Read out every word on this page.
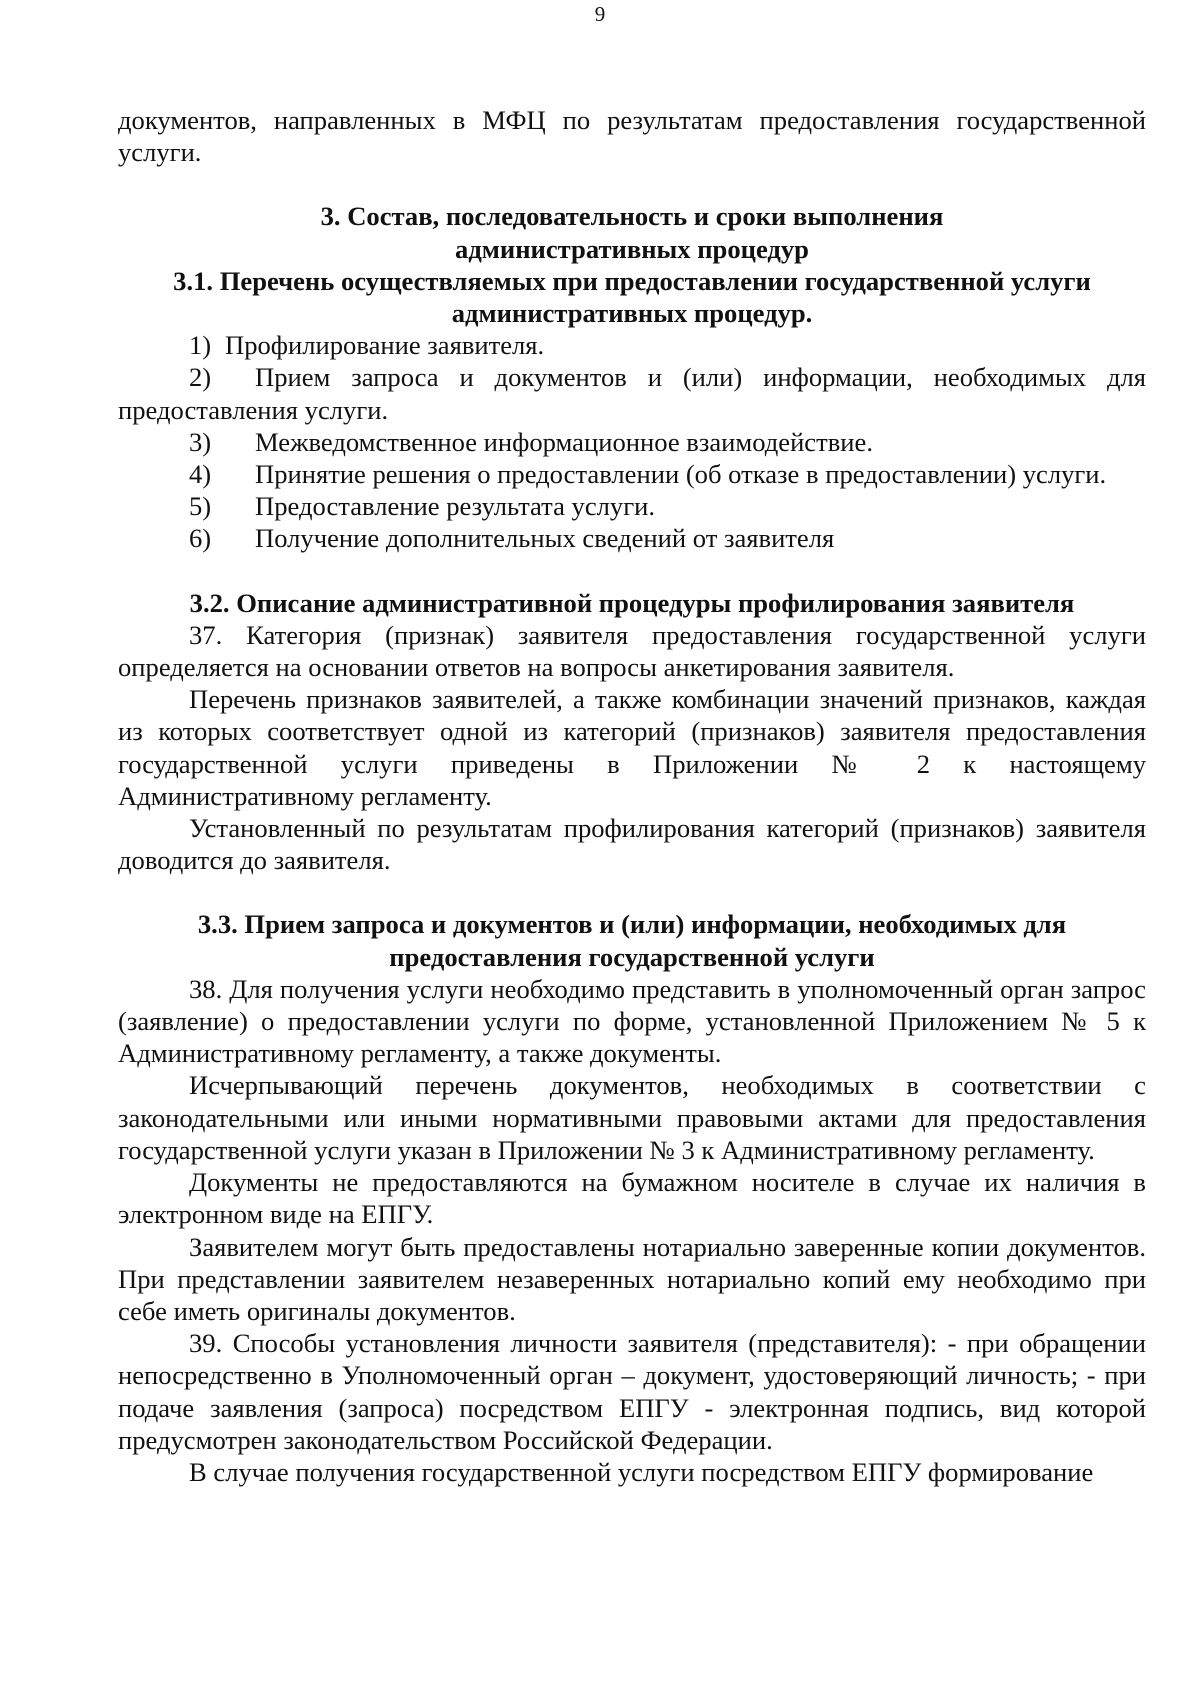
9

документов, направленных в МФЦ по результатам предоставления государственной услуги.

3. Состав, последовательность и сроки выполнения
административных процедур
3.1. Перечень осуществляемых при предоставлении государственной услуги
административных процедур.
1) Профилирование заявителя.
2) Прием запроса и документов и (или) информации, необходимых для предоставления услуги.
3)	Межведомственное информационное взаимодействие.
4)	Принятие решения о предоставлении (об отказе в предоставлении) услуги.
5)	Предоставление результата услуги.
6)	Получение дополнительных сведений от заявителя
3.2. Описание административной процедуры профилирования заявителя

37. Категория (признак) заявителя предоставления государственной услуги определяется на основании ответов на вопросы анкетирования заявителя.

Перечень признаков заявителей, а также комбинации значений признаков, каждая из которых соответствует одной из категорий (признаков) заявителя предоставления государственной услуги приведены в Приложении № 2 к настоящему Административному регламенту.

Установленный по результатам профилирования категорий (признаков) заявителя доводится до заявителя.

3.3. Прием запроса и документов и (или) информации, необходимых для
предоставления государственной услуги

38. Для получения услуги необходимо представить в уполномоченный орган запрос (заявление) о предоставлении услуги по форме, установленной Приложением № 5 к Административному регламенту, а также документы.

Исчерпывающий перечень документов, необходимых в соответствии с законодательными или иными нормативными правовыми актами для предоставления государственной услуги указан в Приложении № 3 к Административному регламенту.

Документы не предоставляются на бумажном носителе в случае их наличия в электронном виде на ЕПГУ.

Заявителем могут быть предоставлены нотариально заверенные копии документов. При представлении заявителем незаверенных нотариально копий ему необходимо при себе иметь оригиналы документов.

39. Способы установления личности заявителя (представителя): - при обращении непосредственно в Уполномоченный орган – документ, удостоверяющий личность; - при подаче заявления (запроса) посредством ЕПГУ - электронная подпись, вид которой предусмотрен законодательством Российской Федерации.

В случае получения государственной услуги посредством ЕПГУ формирование
